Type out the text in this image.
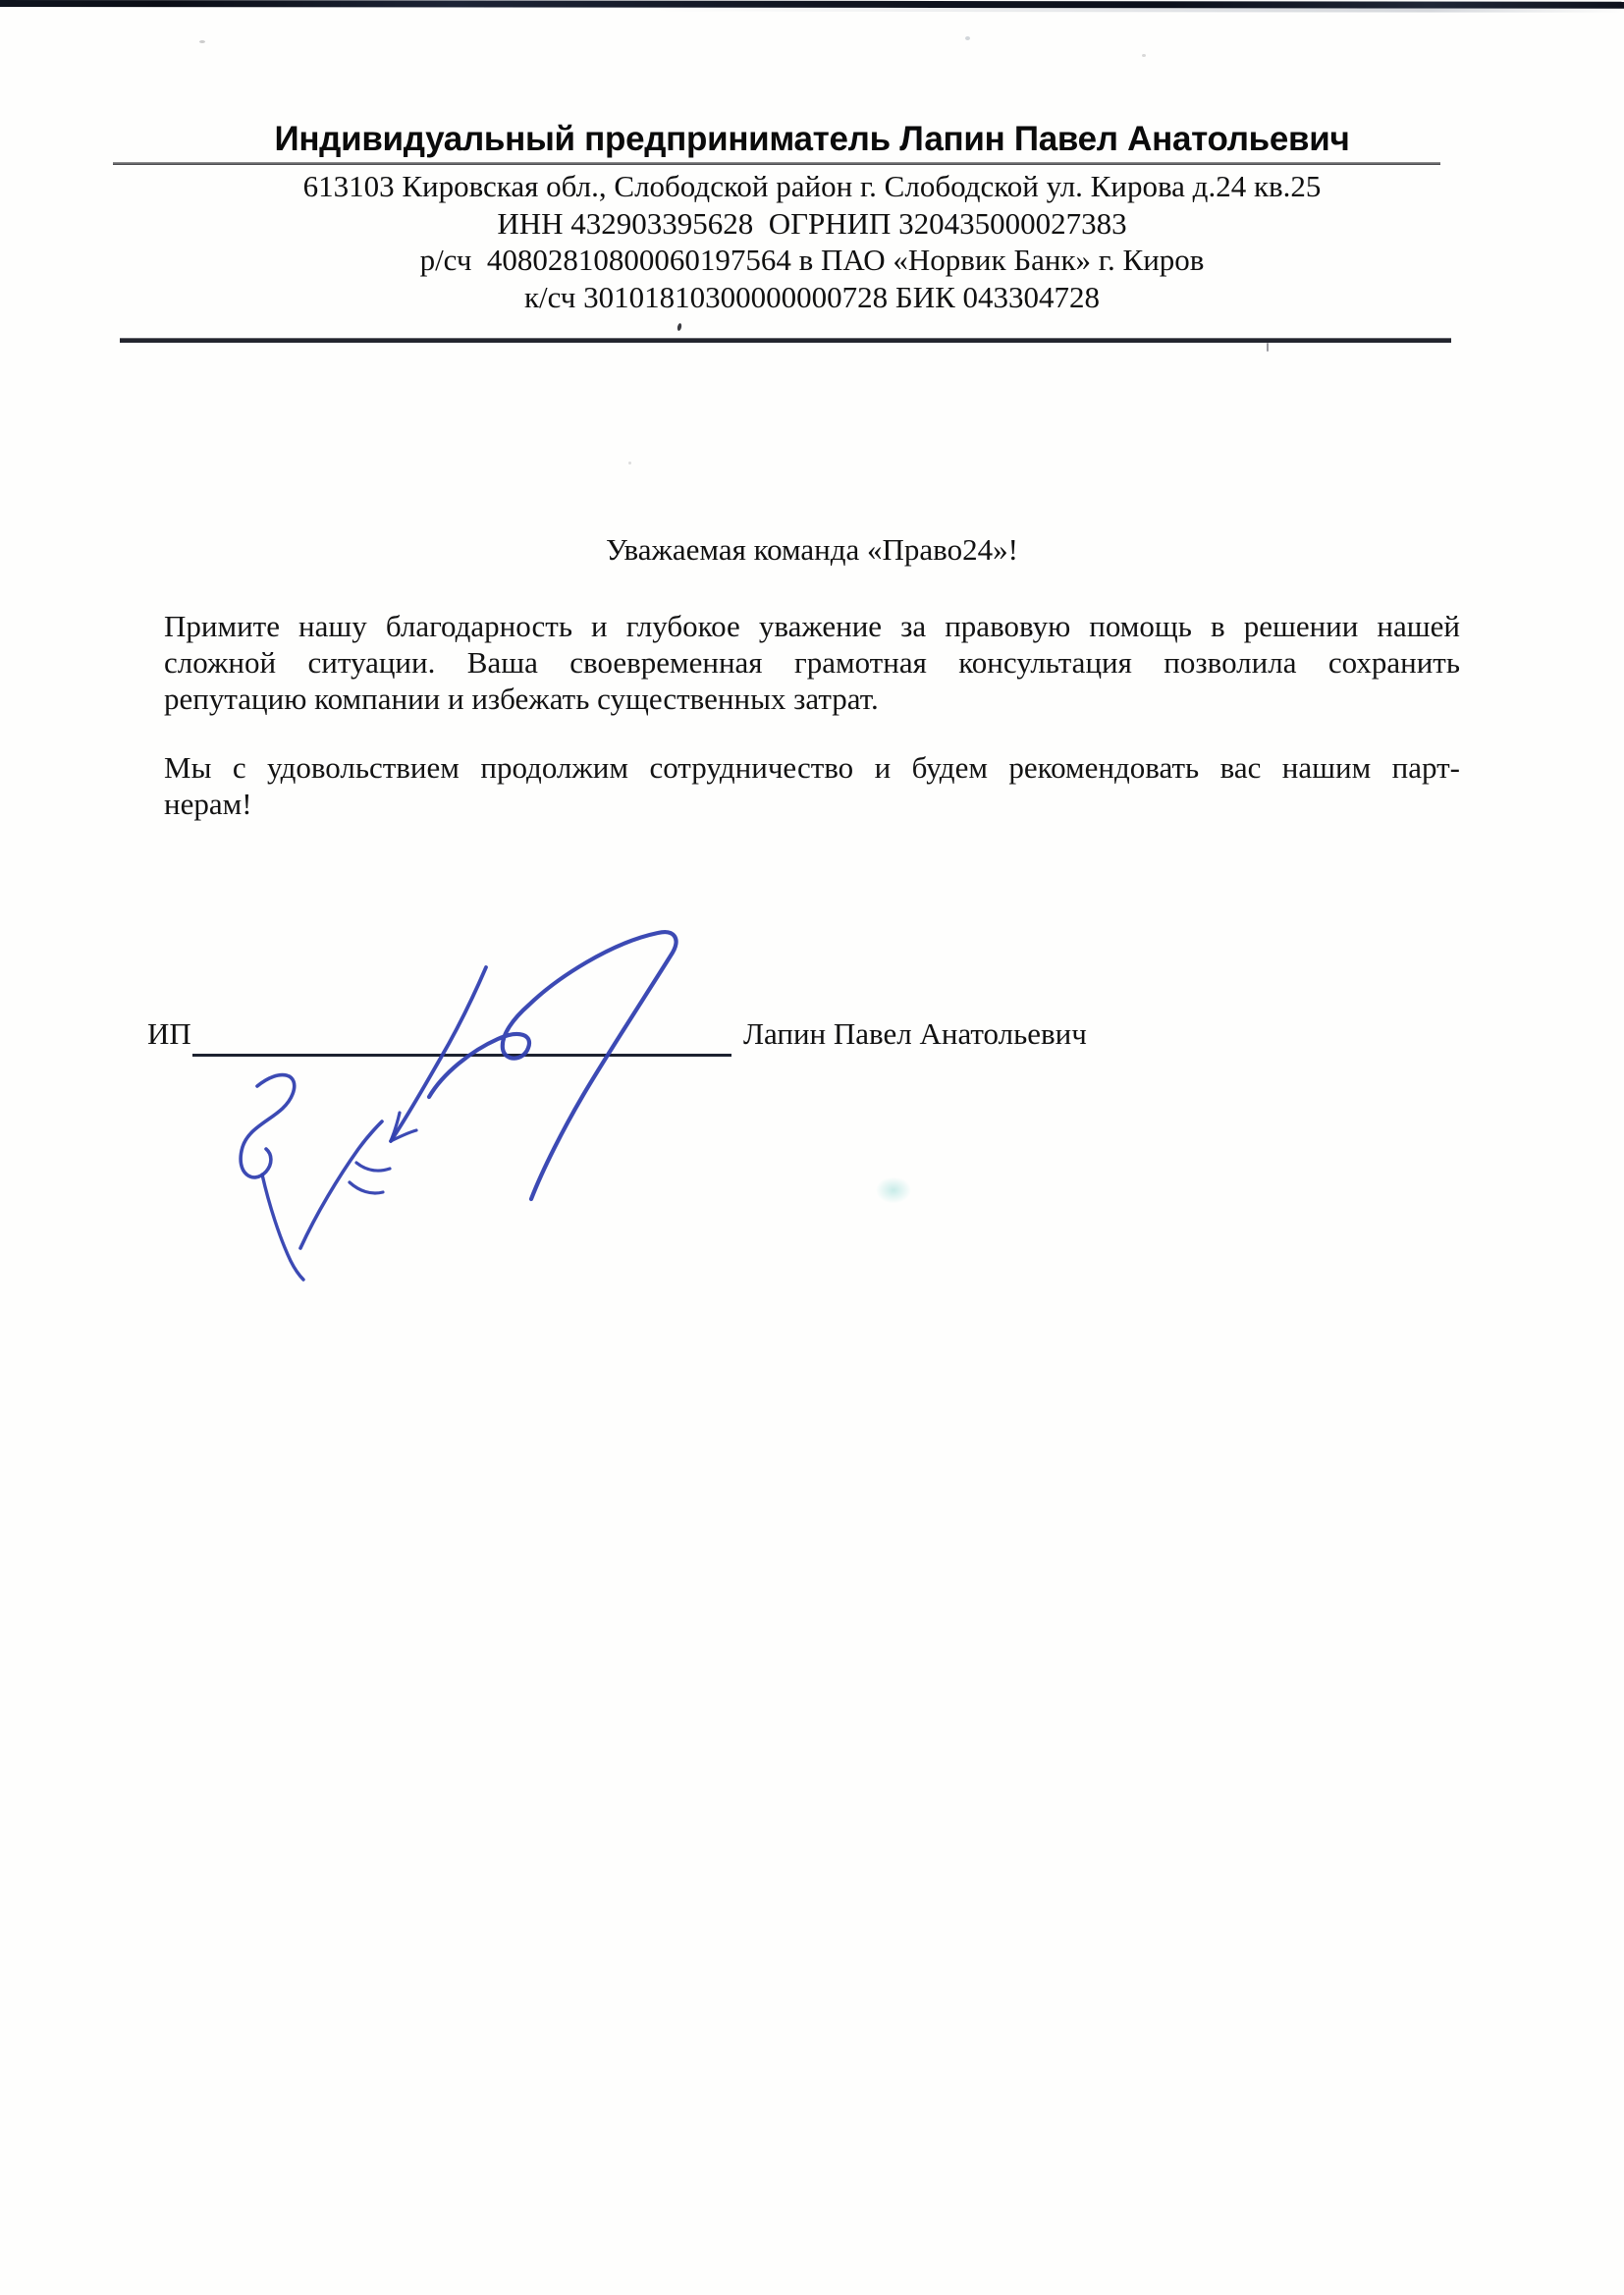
Индивидуальный предприниматель Лапин Павел Анатольевич
613103 Кировская обл., Слободской район г. Слободской ул. Кирова д.24 кв.25
ИНН 432903395628  ОГРНИП 320435000027383
р/сч  40802810800060197564 в ПАО «Норвик Банк» г. Киров
к/сч 30101810300000000728 БИК 043304728
Уважаемая команда «Право24»!
Примите нашу благодарность и глубокое уважение за правовую помощь в решении нашей
сложной ситуации. Ваша своевременная грамотная консультация позволила сохранить
репутацию компании и избежать существенных затрат.
Мы с удовольствием продолжим сотрудничество и будем рекомендовать вас нашим парт-
нерам!
ИП	Лапин Павел Анатольевич
